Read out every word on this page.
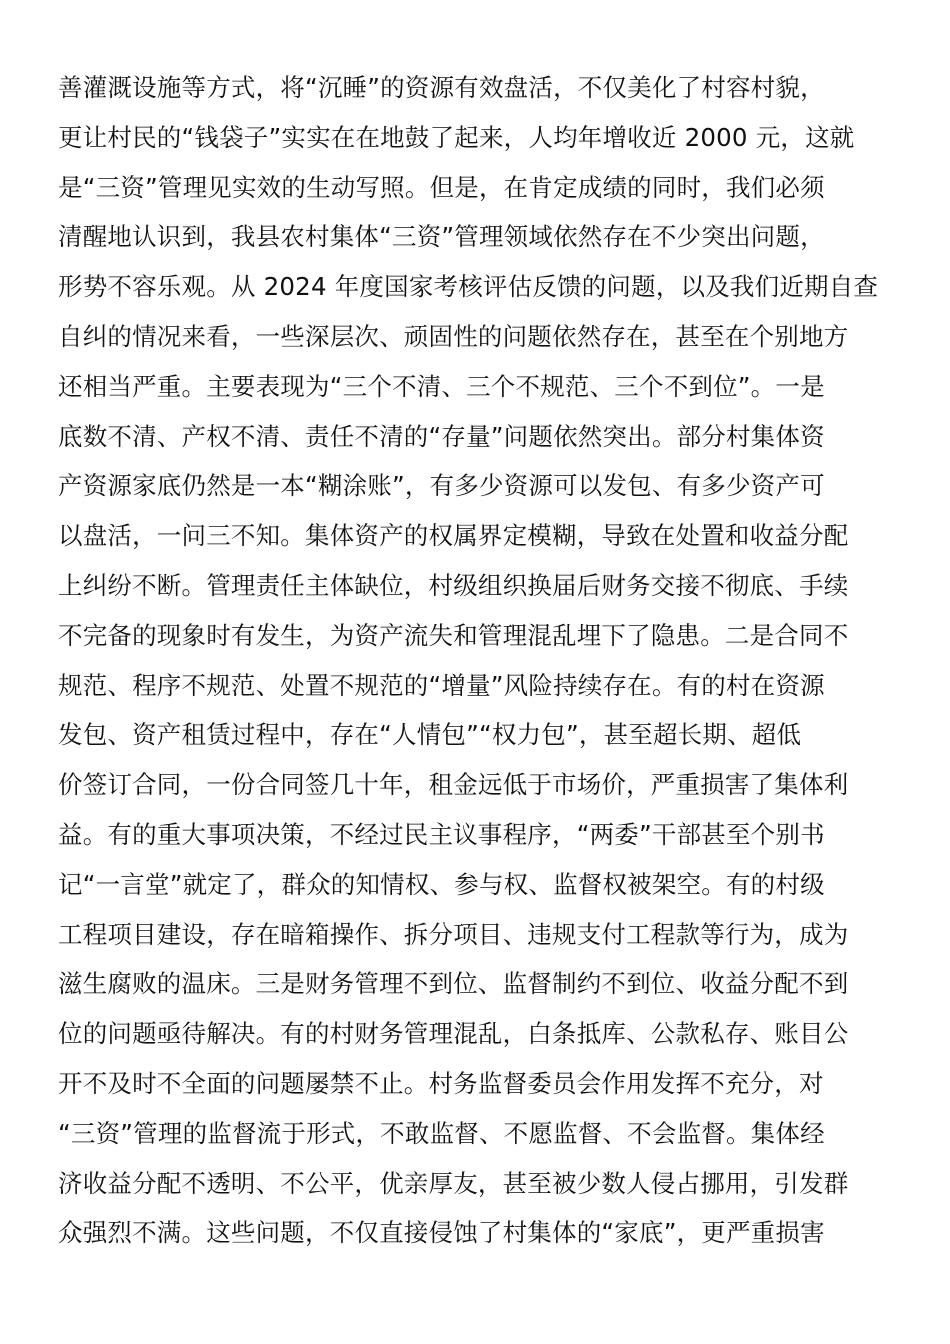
善灌溉设施等方式，将“沉睡”的资源有效盘活，不仅美化了村容村貌，
更让村民的“钱袋子”实实在在地鼓了起来，人均年增收近 2000 元，这就
是“三资”管理见实效的生动写照。但是，在肯定成绩的同时，我们必须
清醒地认识到，我县农村集体“三资”管理领域依然存在不少突出问题，
形势不容乐观。从 2024 年度国家考核评估反馈的问题，以及我们近期自查
自纠的情况来看，一些深层次、顽固性的问题依然存在，甚至在个别地方
还相当严重。主要表现为“三个不清、三个不规范、三个不到位”。一是
底数不清、产权不清、责任不清的“存量”问题依然突出。部分村集体资
产资源家底仍然是一本“糊涂账”，有多少资源可以发包、有多少资产可
以盘活，一问三不知。集体资产的权属界定模糊，导致在处置和收益分配
上纠纷不断。管理责任主体缺位，村级组织换届后财务交接不彻底、手续
不完备的现象时有发生，为资产流失和管理混乱埋下了隐患。二是合同不
规范、程序不规范、处置不规范的“增量”风险持续存在。有的村在资源
发包、资产租赁过程中，存在“人情包”“权力包”，甚至超长期、超低
价签订合同，一份合同签几十年，租金远低于市场价，严重损害了集体利
益。有的重大事项决策，不经过民主议事程序，“两委”干部甚至个别书
记“一言堂”就定了，群众的知情权、参与权、监督权被架空。有的村级
工程项目建设，存在暗箱操作、拆分项目、违规支付工程款等行为，成为
滋生腐败的温床。三是财务管理不到位、监督制约不到位、收益分配不到
位的问题亟待解决。有的村财务管理混乱，白条抵库、公款私存、账目公
开不及时不全面的问题屡禁不止。村务监督委员会作用发挥不充分，对
“三资”管理的监督流于形式，不敢监督、不愿监督、不会监督。集体经
济收益分配不透明、不公平，优亲厚友，甚至被少数人侵占挪用，引发群
众强烈不满。这些问题，不仅直接侵蚀了村集体的“家底”，更严重损害
